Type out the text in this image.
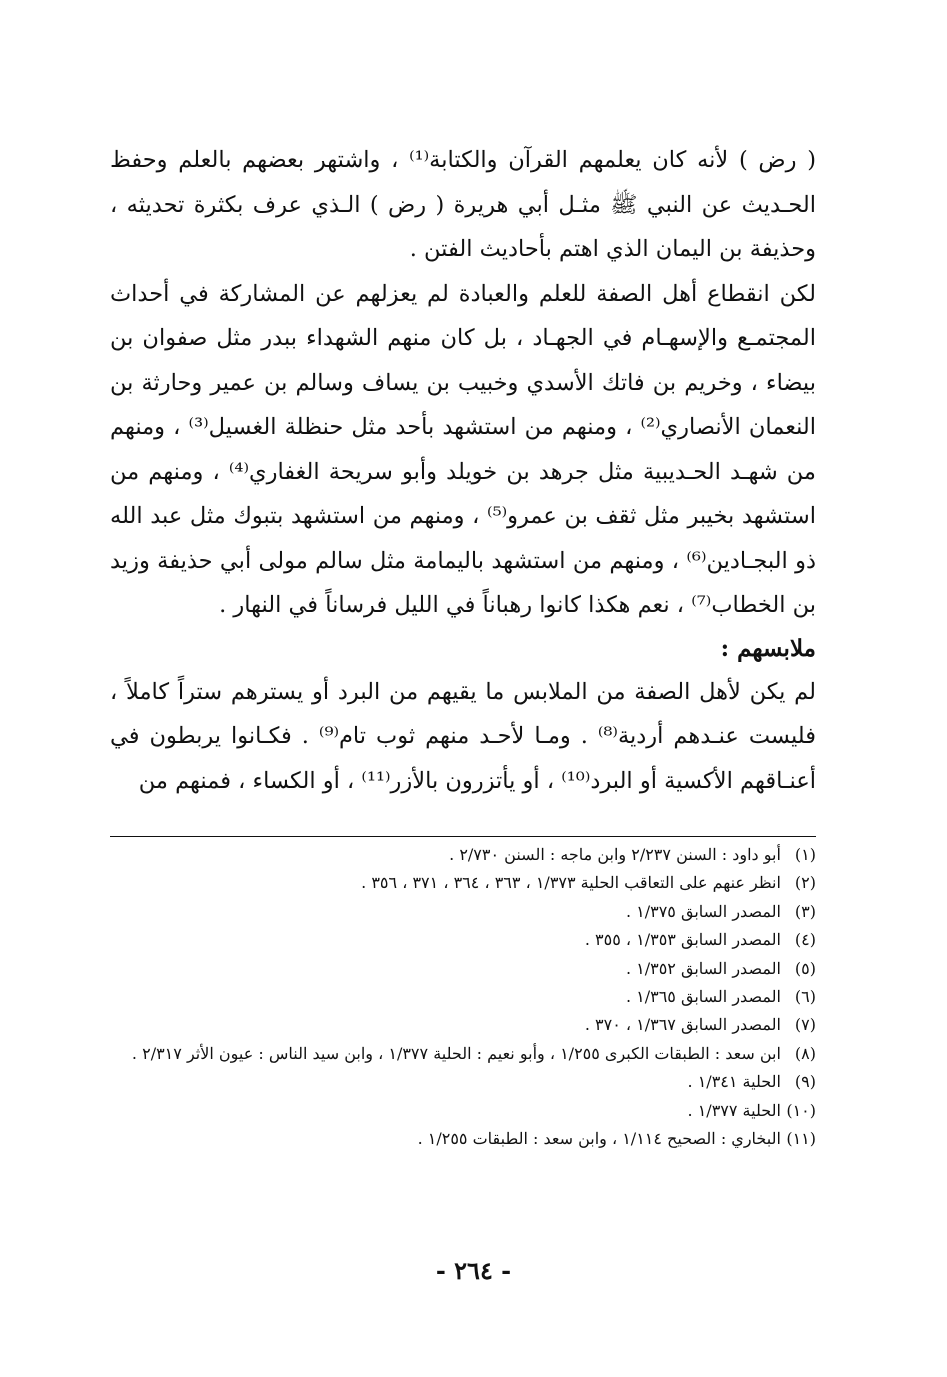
( رض ) لأنه كان يعلمهم القرآن والكتابة⁽¹⁾ ، واشتهر بعضهم بالعلم وحفظ الحـديث عن النبي ﷺ مثـل أبي هريرة ( رض ) الـذي عرف بكثرة تحديثه ، وحذيفة بن اليمان الذي اهتم بأحاديث الفتن .

لكن انقطاع أهل الصفة للعلم والعبادة لم يعزلهم عن المشاركة في أحداث المجتمـع والإسهـام في الجهـاد ، بل كان منهم الشهداء ببدر مثل صفوان بن بيضاء ، وخريم بن فاتك الأسدي وخبيب بن يساف وسالم بن عمير وحارثة بن النعمان الأنصاري⁽²⁾ ، ومنهم من استشهد بأحد مثل حنظلة الغسيل⁽³⁾ ، ومنهم من شهـد الحـديبية مثل جرهد بن خويلد وأبو سريحة الغفاري⁽⁴⁾ ، ومنهم من استشهد بخيبر مثل ثقف بن عمرو⁽⁵⁾ ، ومنهم من استشهد بتبوك مثل عبد الله ذو البجـادين⁽⁶⁾ ، ومنهم من استشهد باليمامة مثل سالم مولى أبي حذيفة وزيد بن الخطاب⁽⁷⁾ ، نعم هكذا كانوا رهباناً في الليل فرساناً في النهار .

ملابسهم :

لم يكن لأهل الصفة من الملابس ما يقيهم من البرد أو يسترهم ستراً كاملاً ، فليست عنـدهم أردية⁽⁸⁾ . ومـا لأحـد منهم ثوب تام⁽⁹⁾ . فكـانوا يربطون في أعنـاقهم الأكسية أو البرد⁽¹⁰⁾ ، أو يأتزرون بالأزر⁽¹¹⁾ ، أو الكساء ، فمنهم من

(١) أبو داود : السنن ٢/٢٣٧ وابن ماجه : السنن ٢/٧٣٠ .
(٢) انظر عنهم على التعاقب الحلية ١/٣٧٣ ، ٣٦٣ ، ٣٦٤ ، ٣٧١ ، ٣٥٦ .
(٣) المصدر السابق ١/٣٧٥ .
(٤) المصدر السابق ١/٣٥٣ ، ٣٥٥ .
(٥) المصدر السابق ١/٣٥٢ .
(٦) المصدر السابق ١/٣٦٥ .
(٧) المصدر السابق ١/٣٦٧ ، ٣٧٠ .
(٨) ابن سعد : الطبقات الكبرى ١/٢٥٥ ، وأبو نعيم : الحلية ١/٣٧٧ ، وابن سيد الناس : عيون الأثر ٢/٣١٧ .
(٩) الحلية ١/٣٤١ .
(١٠) الحلية ١/٣٧٧ .
(١١) البخاري : الصحيح ١/١١٤ ، وابن سعد : الطبقات ١/٢٥٥ .
- ٢٦٤ -
